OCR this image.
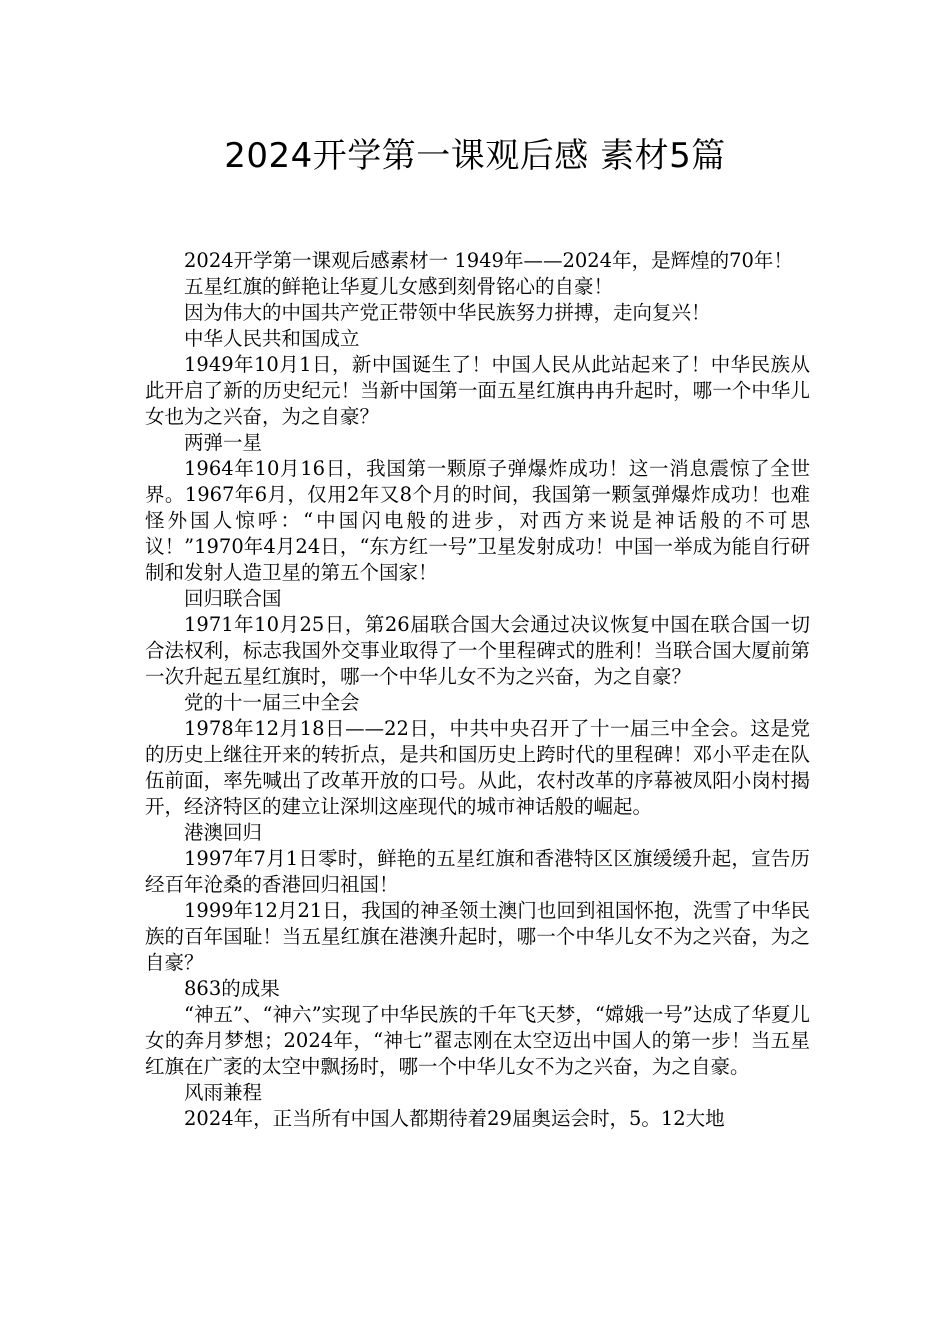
2024开学第一课观后感 素材5篇

2024开学第一课观后感素材一 1949年——2024年，是辉煌的70年！

五星红旗的鲜艳让华夏儿女感到刻骨铭心的自豪！

因为伟大的中国共产党正带领中华民族努力拼搏，走向复兴！

中华人民共和国成立

1949年10月1日，新中国诞生了！中国人民从此站起来了！中华民族从此开启了新的历史纪元！当新中国第一面五星红旗冉冉升起时，哪一个中华儿女也为之兴奋，为之自豪？

两弹一星

1964年10月16日，我国第一颗原子弹爆炸成功！这一消息震惊了全世界。1967年6月，仅用2年又8个月的时间，我国第一颗氢弹爆炸成功！也难怪外国人惊呼：“中国闪电般的进步，对西方来说是神话般的不可思议！”1970年4月24日，“东方红一号”卫星发射成功！中国一举成为能自行研制和发射人造卫星的第五个国家！

回归联合国

1971年10月25日，第26届联合国大会通过决议恢复中国在联合国一切合法权利，标志我国外交事业取得了一个里程碑式的胜利！当联合国大厦前第一次升起五星红旗时，哪一个中华儿女不为之兴奋，为之自豪？

党的十一届三中全会

1978年12月18日——22日，中共中央召开了十一届三中全会。这是党的历史上继往开来的转折点，是共和国历史上跨时代的里程碑！邓小平走在队伍前面，率先喊出了改革开放的口号。从此，农村改革的序幕被凤阳小岗村揭开，经济特区的建立让深圳这座现代的城市神话般的崛起。

港澳回归

1997年7月1日零时，鲜艳的五星红旗和香港特区区旗缓缓升起，宣告历经百年沧桑的香港回归祖国！

1999年12月21日，我国的神圣领土澳门也回到祖国怀抱，洗雪了中华民族的百年国耻！当五星红旗在港澳升起时，哪一个中华儿女不为之兴奋，为之自豪？

863的成果

“神五”、“神六”实现了中华民族的千年飞天梦，“嫦娥一号”达成了华夏儿女的奔月梦想；2024年，“神七”翟志刚在太空迈出中国人的第一步！当五星红旗在广袤的太空中飘扬时，哪一个中华儿女不为之兴奋，为之自豪。

风雨兼程

2024年，正当所有中国人都期待着29届奥运会时，5。12大地
